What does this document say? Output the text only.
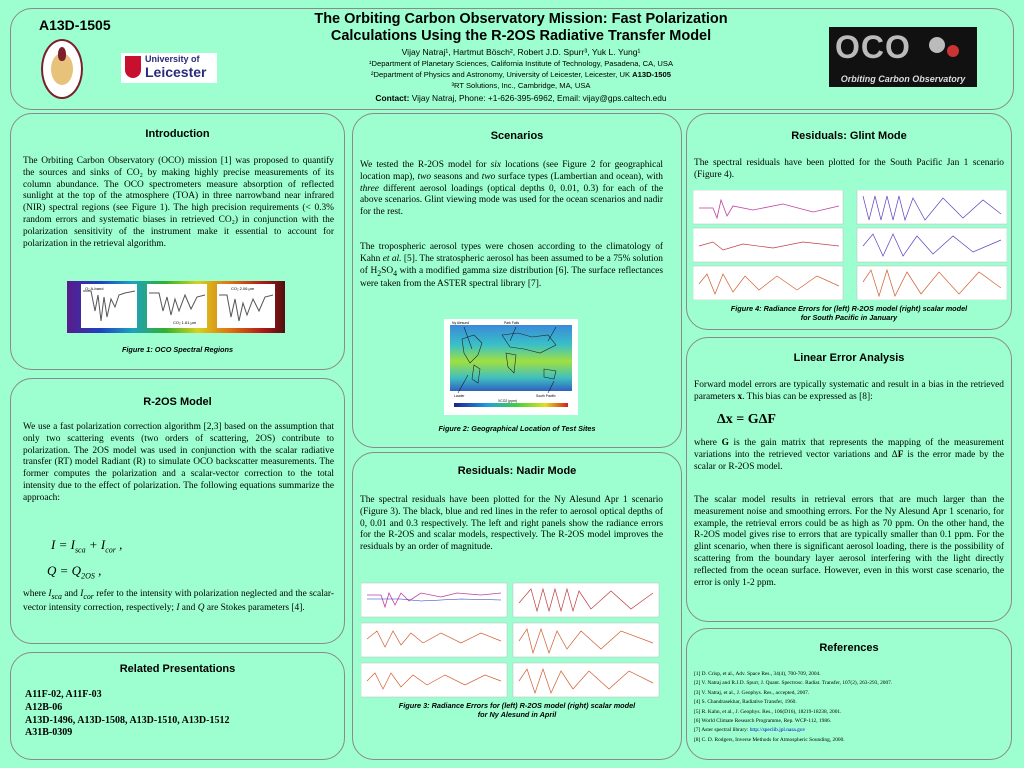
A13D-1505
University of
Leicester
The Orbiting Carbon Observatory Mission: Fast Polarization
Calculations Using the R-2OS Radiative Transfer Model
Vijay Natraj¹, Hartmut Bösch², Robert J.D. Spurr³, Yuk L. Yung¹
¹Department of Planetary Sciences, California Institute of Technology, Pasadena, CA, USA
²Department of Physics and Astronomy, University of Leicester, Leicester, UK A13D-1505
³RT Solutions, Inc., Cambridge, MA, USA
Contact: Vijay Natraj, Phone: +1-626-395-6962, Email: vijay@gps.caltech.edu
OCO
Orbiting Carbon Observatory
Introduction
The Orbiting Carbon Observatory (OCO) mission [1] was proposed to quantify the sources and sinks of CO₂ by making highly precise measurements of its column abundance. The OCO spectrometers measure absorption of reflected sunlight at the top of the atmosphere (TOA) in three narrowband near infrared (NIR) spectral regions (see Figure 1). The high precision requirements (< 0.3% random errors and systematic biases in retrieved CO₂) in conjunction with the polarization sensitivity of the instrument make it essential to account for polarization in the retrieval algorithm.
O₂ A-band
CO₂ 1.61 µm
CO₂ 2.06 µm
Figure 1: OCO Spectral Regions
R-2OS Model
We use a fast polarization correction algorithm [2,3] based on the assumption that only two scattering events (two orders of scattering, 2OS) contribute to polarization. The 2OS model was used in conjunction with the scalar radiative transfer (RT) model Radiant (R) to simulate OCO backscatter measurements. The former computes the polarization and a scalar-vector correction to the total intensity due to the effect of polarization. The following equations summarize the approach:
$I = I_{sca} + I_{cor}$ ,
$Q = Q_{2OS}$ ,
where $I_{sca}$ and $I_{cor}$ refer to the intensity with polarization neglected and the scalar-vector intensity correction, respectively; I and Q are Stokes parameters [4].
Related Presentations
A11F-02, A11F-03
A12B-06
A13D-1496, A13D-1508, A13D-1510, A13D-1512
A31B-0309
Scenarios
We tested the R-2OS model for six locations (see Figure 2 for geographical location map), two seasons and two surface types (Lambertian and ocean), with three different aerosol loadings (optical depths 0, 0.01, 0.3) for each of the above scenarios. Glint viewing mode was used for the ocean scenarios and nadir for the rest.
The tropospheric aerosol types were chosen according to the climatology of Kahn et al. [5]. The stratospheric aerosol has been assumed to be a 75% solution of $H_2SO_4$ with a modified gamma size distribution [6]. The surface reflectances were taken from the ASTER spectral library [7].
Ny Alesund	Park Falls
Lauder	South Pacific
XCO2 (ppm)
Figure 2: Geographical Location of Test Sites
Residuals: Nadir Mode
The spectral residuals have been plotted for the Ny Alesund Apr 1 scenario (Figure 3). The black, blue and red lines in the refer to aerosol optical depths of 0, 0.01 and 0.3 respectively. The left and right panels show the radiance errors for the R-2OS and scalar models, respectively. The R-2OS model improves the residuals by an order of magnitude.
Figure 3: Radiance Errors for (left) R-2OS model (right) scalar model
for Ny Alesund in April
Residuals: Glint Mode
The spectral residuals have been plotted for the South Pacific Jan 1 scenario (Figure 4).
Figure 4: Radiance Errors for (left) R-2OS model (right) scalar model
for South Pacific in January
Linear Error Analysis
Forward model errors are typically systematic and result in a bias in the retrieved parameters x. This bias can be expressed as [8]:
Δx = GΔF
where G is the gain matrix that represents the mapping of the measurement variations into the retrieved vector variations and ΔF is the error made by the scalar or R-2OS model.
The scalar model results in retrieval errors that are much larger than the measurement noise and smoothing errors. For the Ny Alesund Apr 1 scenario, for example, the retrieval errors could be as high as 70 ppm. On the other hand, the R-2OS model gives rise to errors that are typically smaller than 0.1 ppm. For the glint scenario, when there is significant aerosol loading, there is the possibility of scattering from the boundary layer aerosol interfering with the light directly reflected from the ocean surface. However, even in this worst case scenario, the error is only 1-2 ppm.
References
[1] D. Crisp, et al., Adv. Space Res., 34(4), 700-709, 2004.
[2] V. Natraj and R.J.D. Spurr, J. Quant. Spectrosc. Radiat. Transfer, 107(2), 263-293, 2007.
[3] V. Natraj, et al., J. Geophys. Res., accepted, 2007.
[4] S. Chandrasekhar, Radiative Transfer, 1960.
[5] R. Kahn, et al., J. Geophys. Res., 106(D16), 18219-18238, 2001.
[6] World Climate Research Programme, Rep. WCP-112, 1986.
[7] Aster spectral library: http://speclib.jpl.nasa.gov
[8] C. D. Rodgers, Inverse Methods for Atmospheric Sounding, 2000.
